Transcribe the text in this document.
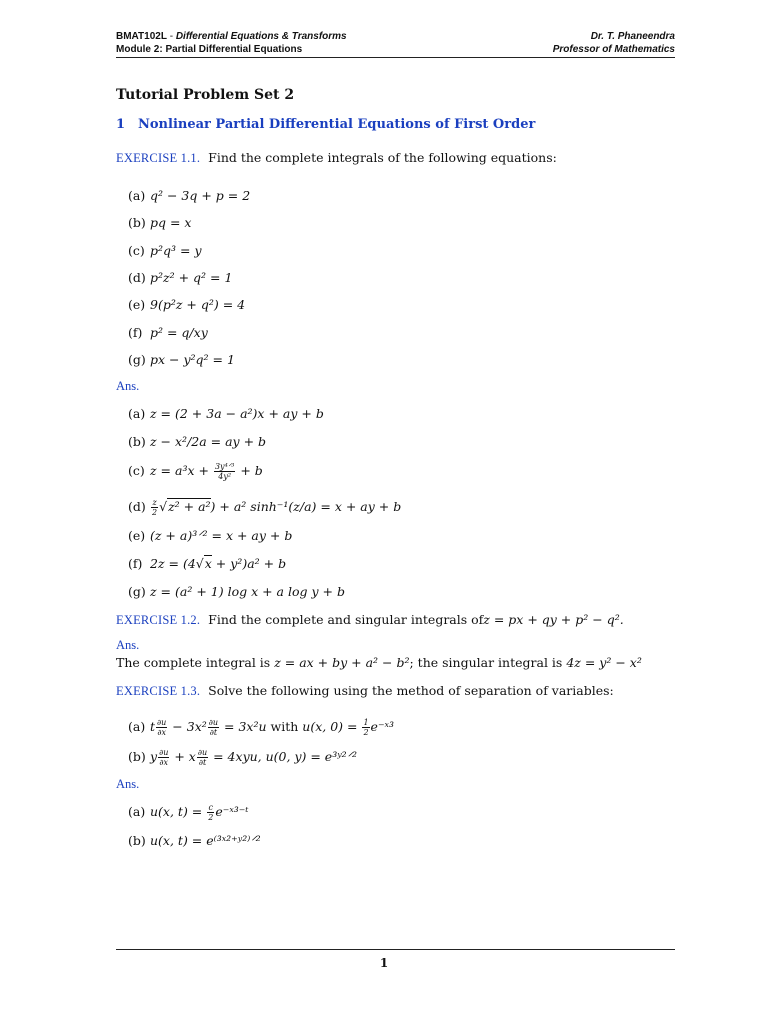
BMAT102L - Differential Equations & Transforms
Module 2: Partial Differential Equations
Dr. T. Phaneendra
Professor of Mathematics
Tutorial Problem Set 2
1 Nonlinear Partial Differential Equations of First Order
EXERCISE 1.1. Find the complete integrals of the following equations:
(a) q² − 3q + p = 2
(b) pq = x
(c) p²q³ = y
(d) p²z² + q² = 1
(e) 9(p²z + q²) = 4
(f) p² = q/xy
(g) px − y²q² = 1
Ans.
(a) z = (2 + 3a − a²)x + ay + b
(b) z − x²/2a = ay + b
(c) $z = a^3x + \frac{\text{3y⁴ᐟ³}}{\text{4y²}} + b$
$(d) \frac{z}{2} √z^2 + a^2) + a^2$ sinh⁻¹(z/a) = x + ay + b
(e) (z + a)³ᐟ² = x + ay + b
(f) 2z = (4√x + y²)a² + b
(g) z = (a² + 1) log x + a log y + b
EXERCISE 1.2. Find the complete and singular integrals ofz = px + qy + p² − q².
Ans.
The complete integral is z = ax + by + a² − b²; the singular integral is 4z = y² − x²
EXERCISE 1.3. Solve the following using the method of separation of variables:
(a) t $\frac{\partial u}{\partial x} - 3x^2 \frac{\partial u}{\partial t} = 3x^2u$ with u(x, $0) = \frac{1}{2}$ e⁻ˣ³
(b) y $\frac{\partial u}{\partial x} + x \frac{\partial u}{\partial t} = 4xyu$, u(0, y) = e³ʸ²ᐟ²
Ans.
(a) u(x, $t) = \frac{c}{2}$ e⁻ˣ³⁻ᵗ
(b) u(x, t) = e⁽³ˣ²⁺ʸ²⁾ᐟ²
1
